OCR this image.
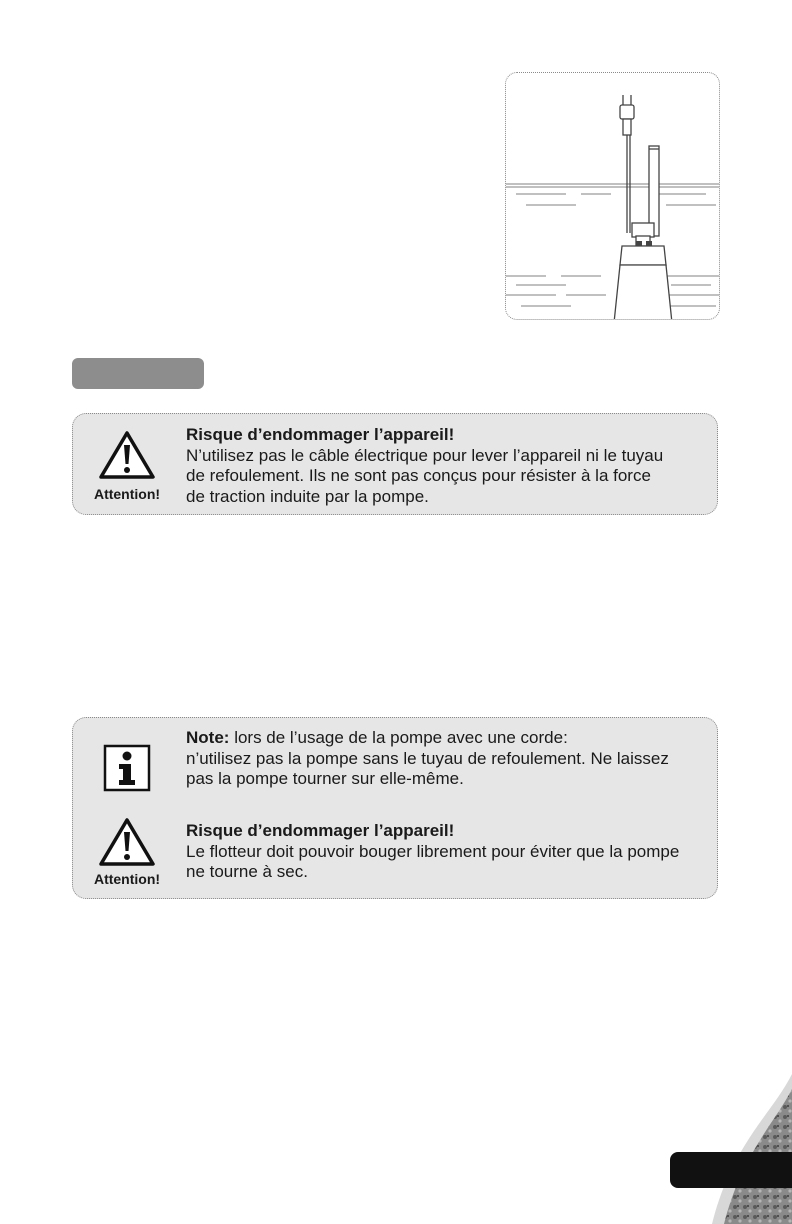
Attention!
Risque d’endommager l’appareil!
N’utilisez pas le câble électrique pour lever l’appareil ni le tuyau
de refoulement. Ils ne sont pas conçus pour résister à la force
de traction induite par la pompe.
Note: lors de l’usage de la pompe avec une corde:
n’utilisez pas la pompe sans le tuyau de refoulement. Ne laissez
pas la pompe tourner sur elle-même.
Attention!
Risque d’endommager l’appareil!
Le flotteur doit pouvoir bouger librement pour éviter que la pompe
ne tourne à sec.
